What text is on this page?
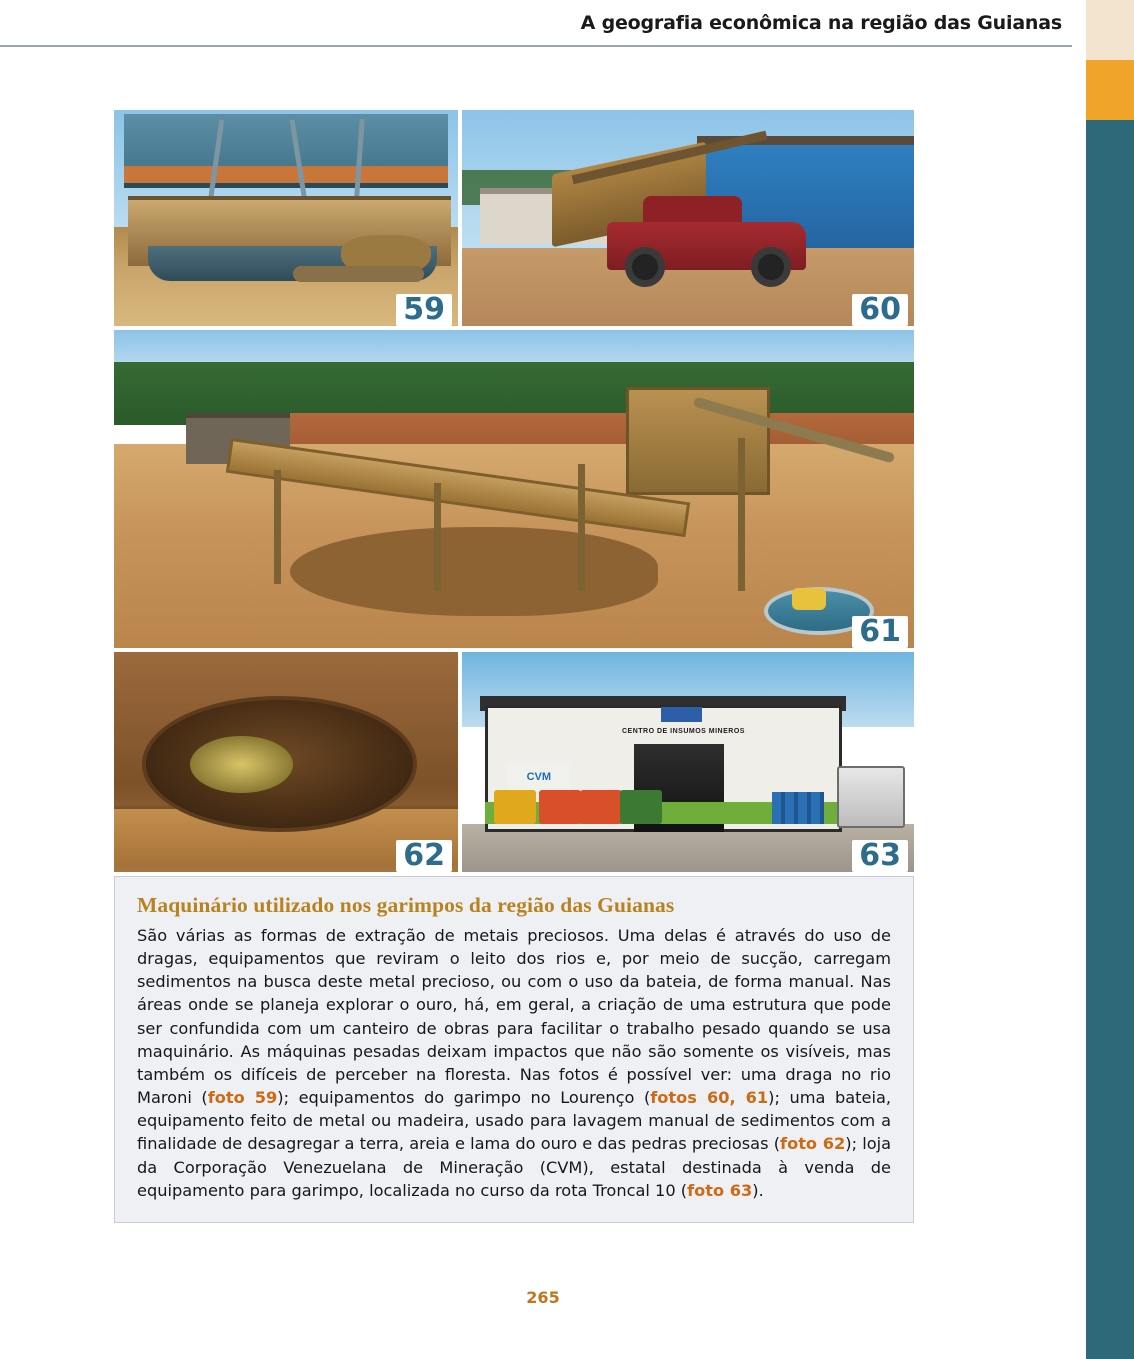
A geografia econômica na região das Guianas
59	60
61
62
CENTRO DE INSUMOS MINEROS
CVM
63
Maquinário utilizado nos garimpos da região das Guianas

São várias as formas de extração de metais preciosos. Uma delas é através do uso de dragas, equipamentos que reviram o leito dos rios e, por meio de sucção, carregam sedimentos na busca deste metal precioso, ou com o uso da bateia, de forma manual. Nas áreas onde se planeja explorar o ouro, há, em geral, a criação de uma estrutura que pode ser confundida com um canteiro de obras para facilitar o trabalho pesado quando se usa maquinário. As máquinas pesadas deixam impactos que não são somente os visíveis, mas também os difíceis de perceber na floresta. Nas fotos é possível ver: uma draga no rio Maroni (foto 59); equipamentos do garimpo no Lourenço (fotos 60, 61); uma bateia, equipamento feito de metal ou madeira, usado para lavagem manual de sedimentos com a finalidade de desagregar a terra, areia e lama do ouro e das pedras preciosas (foto 62); loja da Corporação Venezuelana de Mineração (CVM), estatal destinada à venda de equipamento para garimpo, localizada no curso da rota Troncal 10 (foto 63).

265
